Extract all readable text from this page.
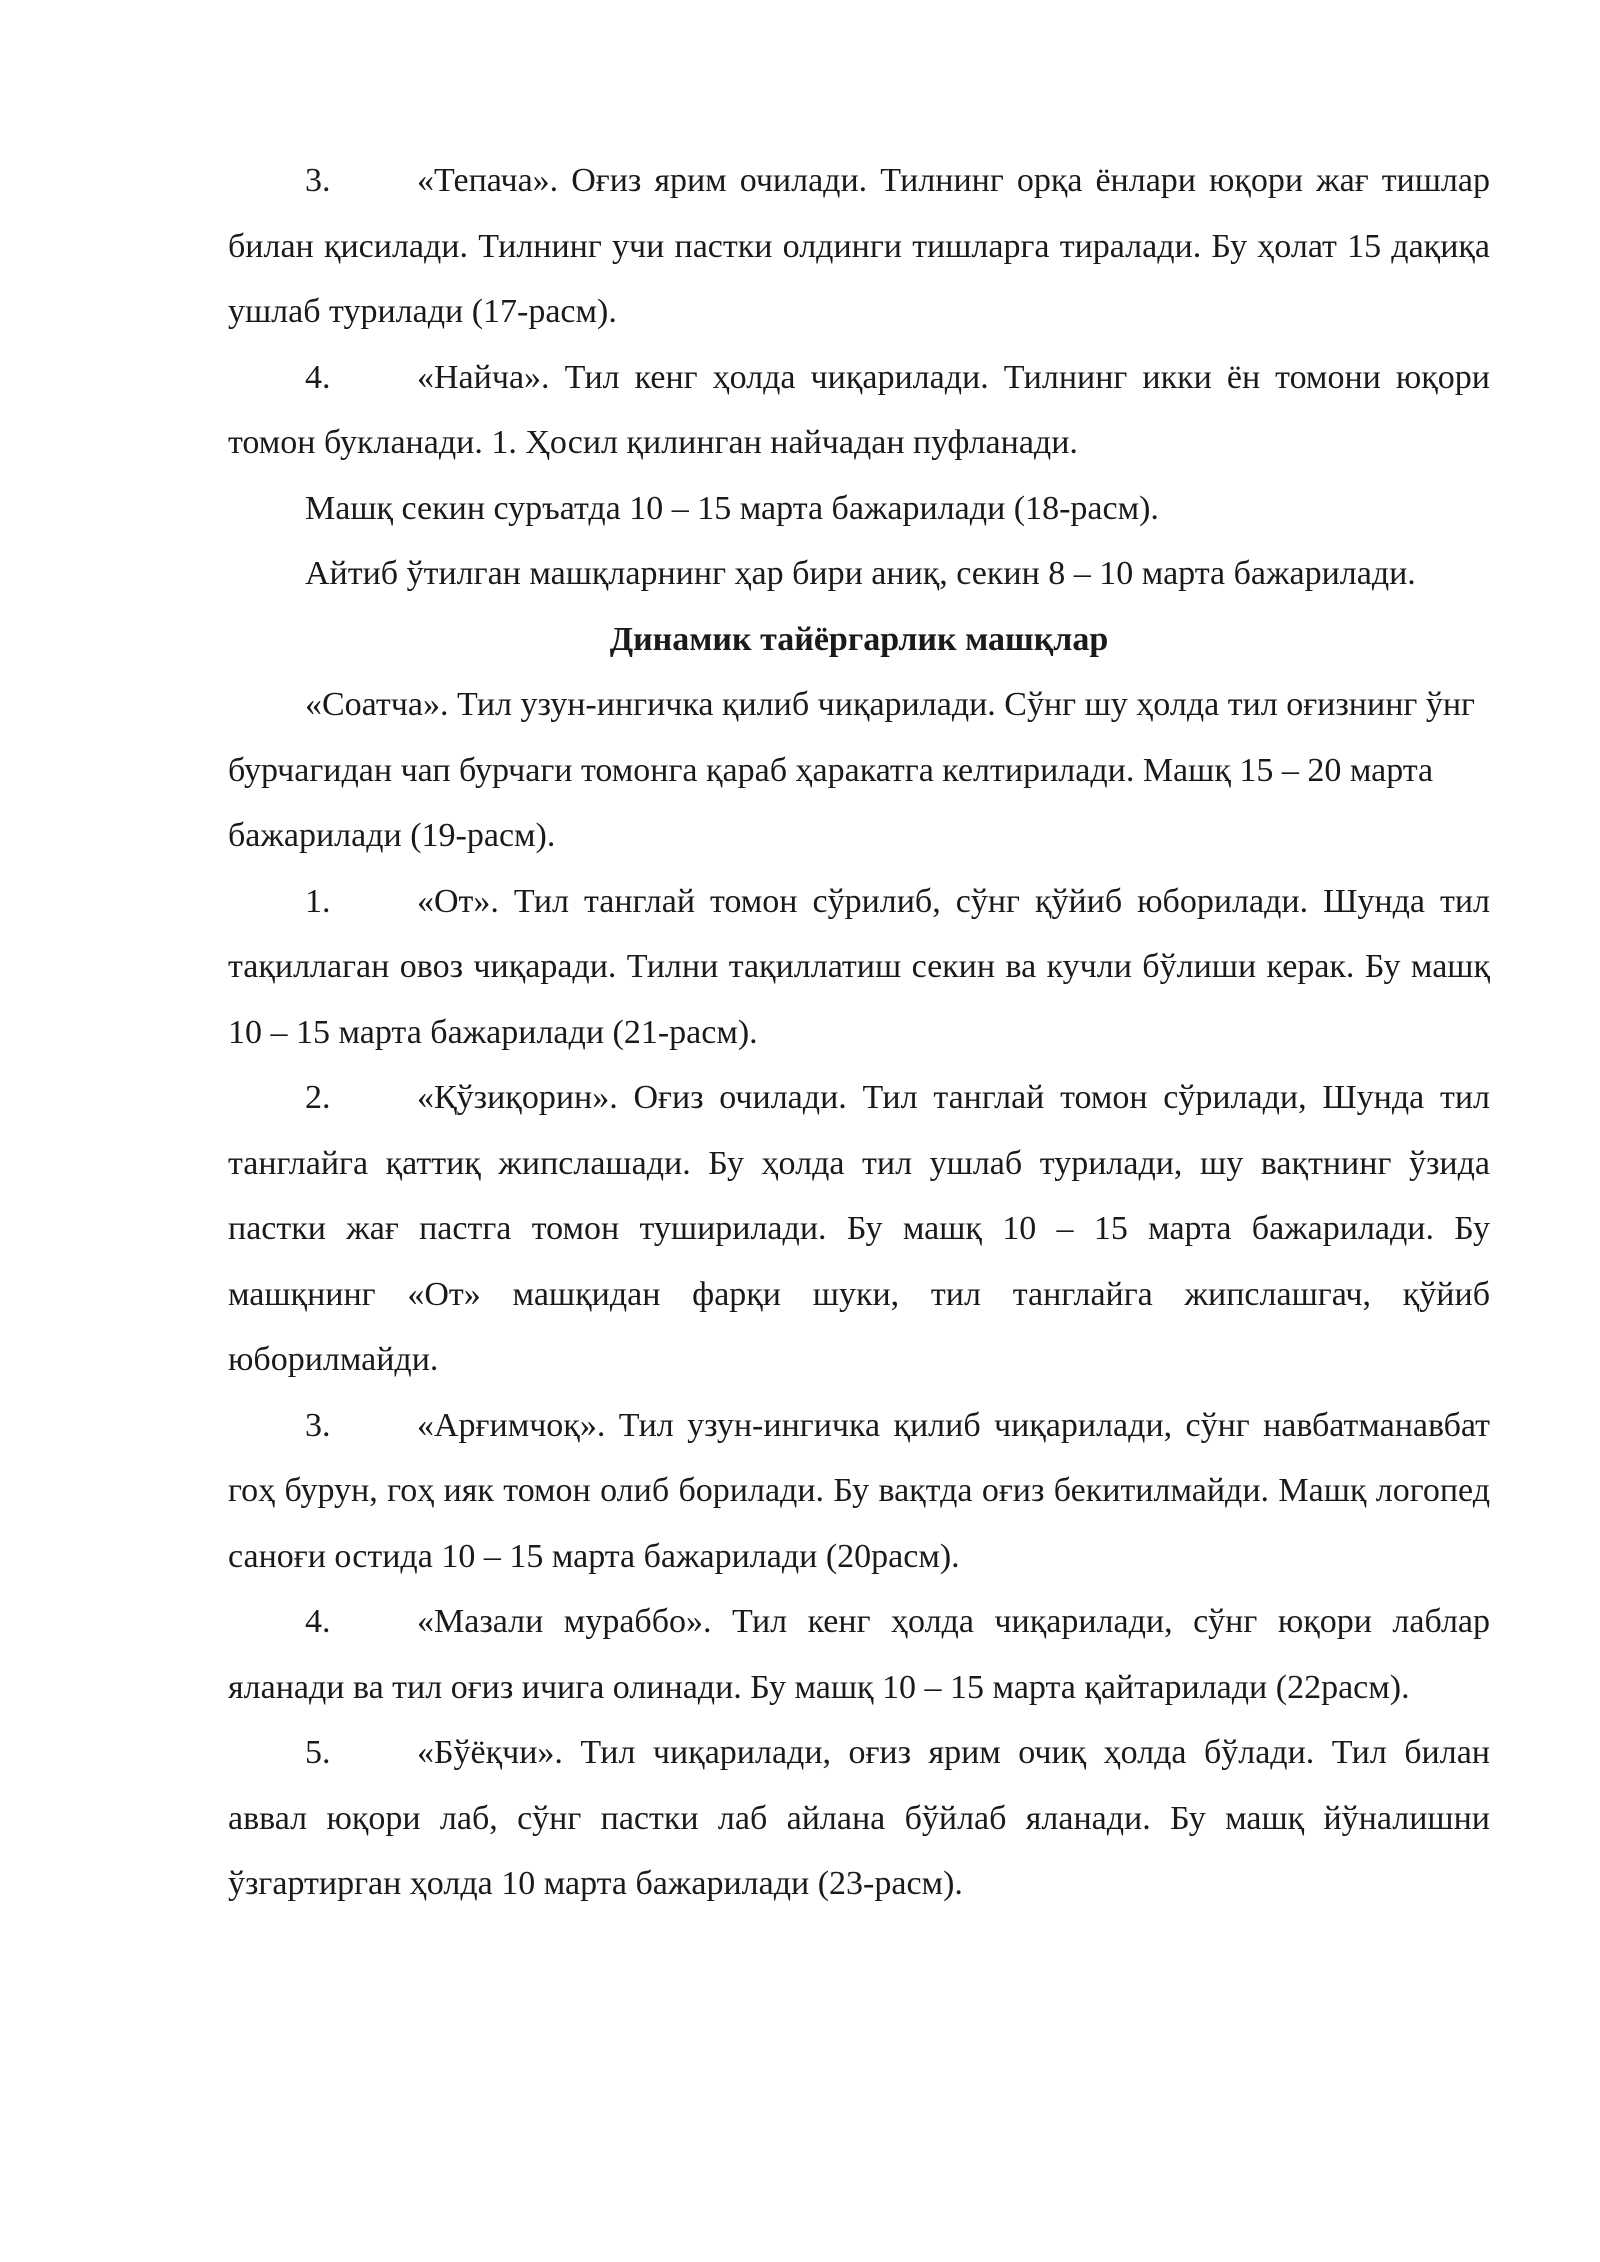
3.	«Тепача». Оғиз ярим очилади. Тилнинг орқа ёнлари юқори жағ тишлар билан қисилади. Тилнинг учи пастки олдинги тишларга тиралади. Бу ҳолат 15 дақиқа ушлаб турилади (17-расм).

4.	«Найча». Тил кенг ҳолда чиқарилади. Тилнинг икки ён томони юқори томон букланади. 1. Ҳосил қилинган найчадан пуфланади.

Машқ секин суръатда 10 – 15 марта бажарилади (18-расм).

Айтиб ўтилган машқларнинг ҳар бири аниқ, секин 8 – 10 марта бажарилади.

Динамик тайёргарлик машқлар

«Соатча». Тил узун-ингичка қилиб чиқарилади. Сўнг шу ҳолда тил оғизнинг ўнг бурчагидан чап бурчаги томонга қараб ҳаракатга келтирилади. Машқ 15 – 20 марта бажарилади (19-расм).

1.	«От». Тил танглай томон сўрилиб, сўнг қўйиб юборилади. Шунда тил тақиллаган овоз чиқаради. Тилни тақиллатиш секин ва кучли бўлиши керак. Бу машқ 10 – 15 марта бажарилади (21-расм).

2.	«Қўзиқорин». Оғиз очилади. Тил танглай томон сўрилади, Шунда тил танглайга қаттиқ жипслашади. Бу ҳолда тил ушлаб турилади, шу вақтнинг ўзида пастки жағ пастга томон туширилади. Бу машқ 10 – 15 марта бажарилади. Бу машқнинг «От» машқидан фарқи шуки, тил танглайга жипслашгач, қўйиб юборилмайди.

3.	«Арғимчоқ». Тил узун-ингичка қилиб чиқарилади, сўнг навбатманавбат гоҳ бурун, гоҳ ияк томон олиб борилади. Бу вақтда оғиз бекитилмайди. Машқ логопед саноғи остида 10 – 15 марта бажарилади (20расм).

4.	«Мазали мураббо». Тил кенг ҳолда чиқарилади, сўнг юқори лаблар яланади ва тил оғиз ичига олинади. Бу машқ 10 – 15 марта қайтарилади (22расм).

5.	«Бўёқчи». Тил чиқарилади, оғиз ярим очиқ ҳолда бўлади. Тил билан аввал юқори лаб, сўнг пастки лаб айлана бўйлаб яланади. Бу машқ йўналишни ўзгартирган ҳолда 10 марта бажарилади (23-расм).
